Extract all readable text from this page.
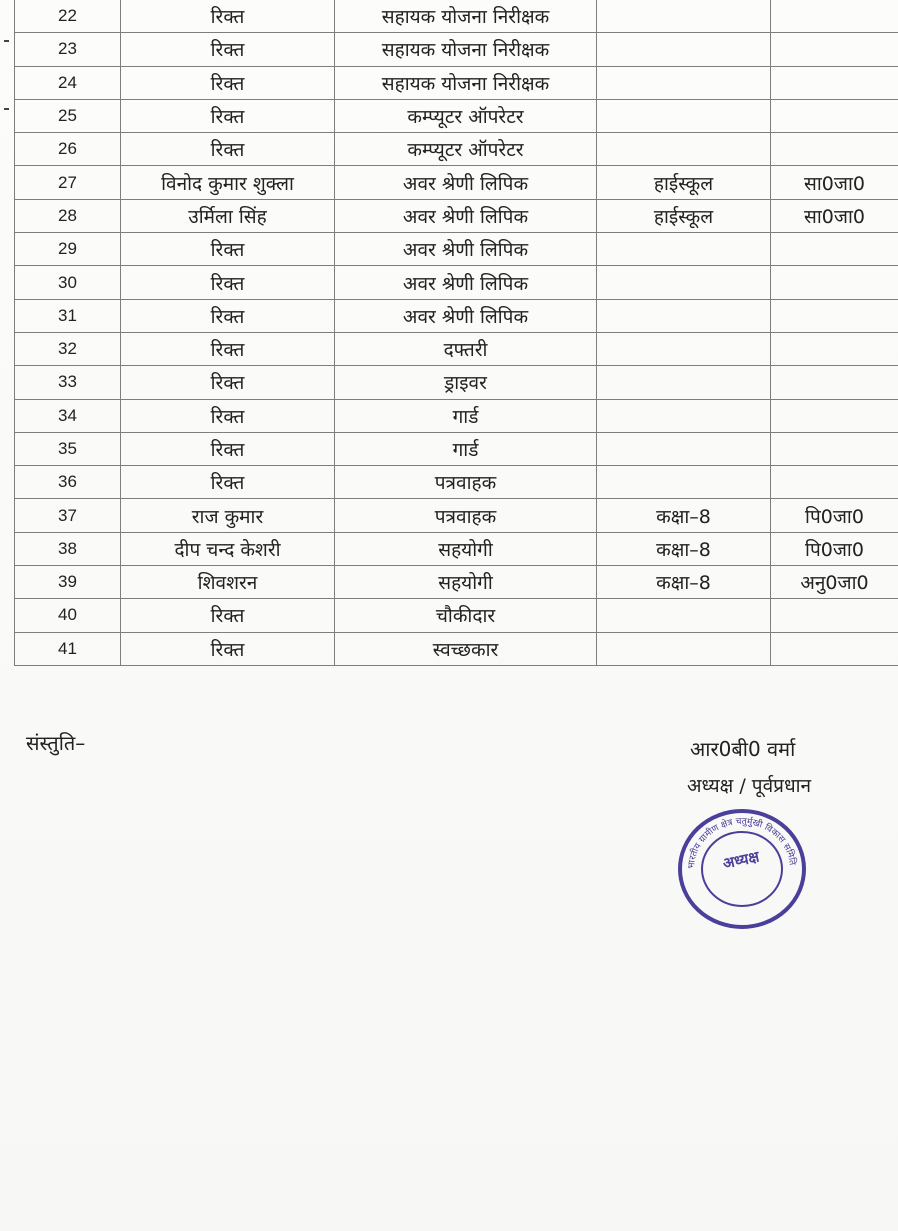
22	रिक्त	सहायक योजना निरीक्षक		
23	रिक्त	सहायक योजना निरीक्षक		
24	रिक्त	सहायक योजना निरीक्षक		
25	रिक्त	कम्प्यूटर ऑपरेटर		
26	रिक्त	कम्प्यूटर ऑपरेटर		
27	विनोद कुमार शुक्ला	अवर श्रेणी लिपिक	हाईस्कूल	सा0जा0
28	उर्मिला सिंह	अवर श्रेणी लिपिक	हाईस्कूल	सा0जा0
29	रिक्त	अवर श्रेणी लिपिक		
30	रिक्त	अवर श्रेणी लिपिक		
31	रिक्त	अवर श्रेणी लिपिक		
32	रिक्त	दफ्तरी		
33	रिक्त	ड्राइवर		
34	रिक्त	गार्ड		
35	रिक्त	गार्ड		
36	रिक्त	पत्रवाहक		
37	राज कुमार	पत्रवाहक	कक्षा–8	पि0जा0
38	दीप चन्द केशरी	सहयोगी	कक्षा–8	पि0जा0
39	शिवशरन	सहयोगी	कक्षा–8	अनु0जा0
40	रिक्त	चौकीदार		
41	रिक्त	स्वच्छकार		
संस्तुति–	आर0बी0 वर्मा
अध्यक्ष / पूर्वप्रधान
भारतीय ग्रामीण क्षेत्र चतुर्मुखी विकास समिति
अध्यक्ष
